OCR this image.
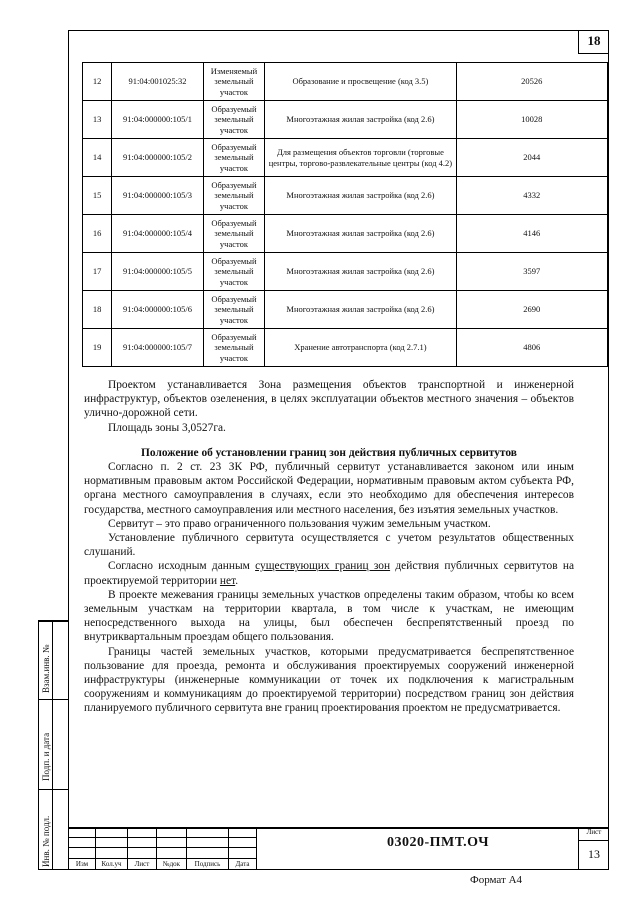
18
12	91:04:001025:32	Изменяемый земельный участок	Образование и просвещение (код 3.5)	20526
13	91:04:000000:105/1	Образуемый земельный участок	Многоэтажная жилая застройка (код 2.6)	10028
14	91:04:000000:105/2	Образуемый земельный участок	Для размещения объектов торговли (торговые центры, торгово-развлекательные центры (код 4.2)	2044
15	91:04:000000:105/3	Образуемый земельный участок	Многоэтажная жилая застройка (код 2.6)	4332
16	91:04:000000:105/4	Образуемый земельный участок	Многоэтажная жилая застройка (код 2.6)	4146
17	91:04:000000:105/5	Образуемый земельный участок	Многоэтажная жилая застройка (код 2.6)	3597
18	91:04:000000:105/6	Образуемый земельный участок	Многоэтажная жилая застройка (код 2.6)	2690
19	91:04:000000:105/7	Образуемый земельный участок	Хранение автотранспорта (код 2.7.1)	4806

Проектом устанавливается Зона размещения объектов транспортной и инженерной инфраструктур, объектов озеленения, в целях эксплуатации объектов местного значения – объектов улично-дорожной сети.

Площадь зоны 3,0527га.

Положение об установлении границ зон действия публичных сервитутов

Согласно п. 2 ст. 23 ЗК РФ, публичный сервитут устанавливается законом или иным нормативным правовым актом Российской Федерации, нормативным правовым актом субъекта РФ, органа местного самоуправления в случаях, если это необходимо для обеспечения интересов государства, местного самоуправления или местного населения, без изъятия земельных участков.

Сервитут – это право ограниченного пользования чужим земельным участком.

Установление публичного сервитута осуществляется с учетом результатов общественных слушаний.

Согласно исходным данным существующих границ зон действия публичных сервитутов на проектируемой территории нет.

В проекте межевания границы земельных участков определены таким образом, чтобы ко всем земельным участкам на территории квартала, в том числе к участкам, не имеющим непосредственного выхода на улицы, был обеспечен беспрепятственный проезд по внутриквартальным проездам общего пользования.

Границы частей земельных участков, которыми предусматривается беспрепятственное пользование для проезда, ремонта и обслуживания проектируемых сооружений инженерной инфраструктуры (инженерные коммуникации от точек их подключения к магистральным сооружениям и коммуникациям до проектируемой территории) посредством границ зон действия планируемого публичного сервитута вне границ проектирования проектом не предусматривается.

Взам.инв. №
Подп. и дата
Инв. № подл.	Изм	Кол.уч	Лист	№док	Подпись	Дата
03020-ПМТ.ОЧ
Лист
13
Формат А4
